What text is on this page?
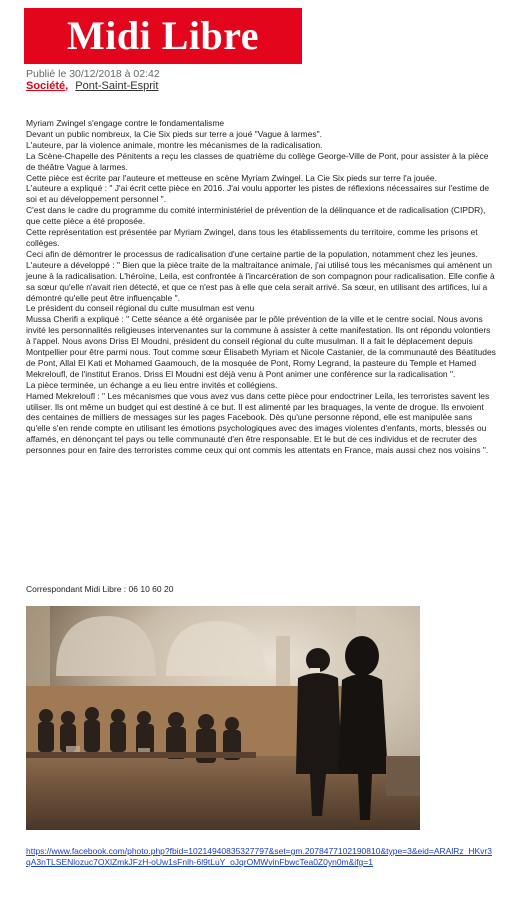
Midi Libre
Publié le 30/12/2018 à 02:42
Société, Pont-Saint-Esprit

Myriam Zwingel s'engage contre le fondamentalisme

Devant un public nombreux, la Cie Six pieds sur terre a joué "Vague à larmes".

L'auteure, par la violence animale, montre les mécanismes de la radicalisation.

La Scène-Chapelle des Pénitents a reçu les classes de quatrième du collège George-Ville de Pont, pour assister à la pièce de théâtre Vague à larmes.

Cette pièce est écrite par l'auteure et metteuse en scène Myriam Zwingel. La Cie Six pieds sur terre l'a jouée.

L'auteure a expliqué : " J'ai écrit cette pièce en 2016. J'ai voulu apporter les pistes de réflexions nécessaires sur l'estime de soi et au développement personnel ".

C'est dans le cadre du programme du comité interministériel de prévention de la délinquance et de radicalisation (CIPDR), que cette pièce a été proposée.

Cette représentation est présentée par Myriam Zwingel, dans tous les établissements du territoire, comme les prisons et collèges.

Ceci afin de démontrer le processus de radicalisation d'une certaine partie de la population, notamment chez les jeunes.

L'auteure a développé : " Bien que la pièce traite de la maltraitance animale, j'ai utilisé tous les mécanismes qui amènent un jeune à la radicalisation. L'héroïne, Leila, est confrontée à l'incarcération de son compagnon pour radicalisation. Elle confie à sa sœur qu'elle n'avait rien détecté, et que ce n'est pas à elle que cela serait arrivé. Sa sœur, en utilisant des artifices, lui a démontré qu'elle peut être influençable ".

Le président du conseil régional du culte musulman est venu

Mussa Cherifi a expliqué : " Cette séance a été organisée par le pôle prévention de la ville et le centre social. Nous avons invité les personnalités religieuses intervenantes sur la commune à assister à cette manifestation. Ils ont répondu volontiers à l'appel. Nous avons Driss El Moudni, président du conseil régional du culte musulman. Il a fait le déplacement depuis Montpellier pour être parmi nous. Tout comme sœur Élisabeth Myriam et Nicole Castanier, de la communauté des Béatitudes de Pont, Allal El Kati et Mohamed Gaamouch, de la mosquée de Pont, Romy Legrand, la pasteure du Temple et Hamed Mekreloufl, de l'institut Eranos. Driss El Moudni est déjà venu à Pont animer une conférence sur la radicalisation ".

La pièce terminée, un échange a eu lieu entre invités et collégiens.

Hamed Mekreloufl : " Les mécanismes que vous avez vus dans cette pièce pour endoctriner Leila, les terroristes savent les utiliser. Ils ont même un budget qui est destiné à ce but. Il est alimenté par les braquages, la vente de drogue. Ils envoient des centaines de milliers de messages sur les pages Facebook. Dès qu'une personne répond, elle est manipulée sans qu'elle s'en rende compte en utilisant les émotions psychologiques avec des images violentes d'enfants, morts, blessés ou affamés, en dénonçant tel pays ou telle communauté d'en être responsable. Et le but de ces individus et de recruter des personnes pour en faire des terroristes comme ceux qui ont commis les attentats en France, mais aussi chez nos voisins ".

Correspondant Midi Libre : 06 10 60 20
https://www.facebook.com/photo.php?fbid=10214940835327797&set=gm.2078477102190810&type=3&eid=ARAlRz_HKvr3qA3nTLSENlozuc7OXlZmkJFzH-oUw1sFnlh-6l9tLuY_oJqrOMWvinFbwcTea0Z0yn0m&ifg=1
